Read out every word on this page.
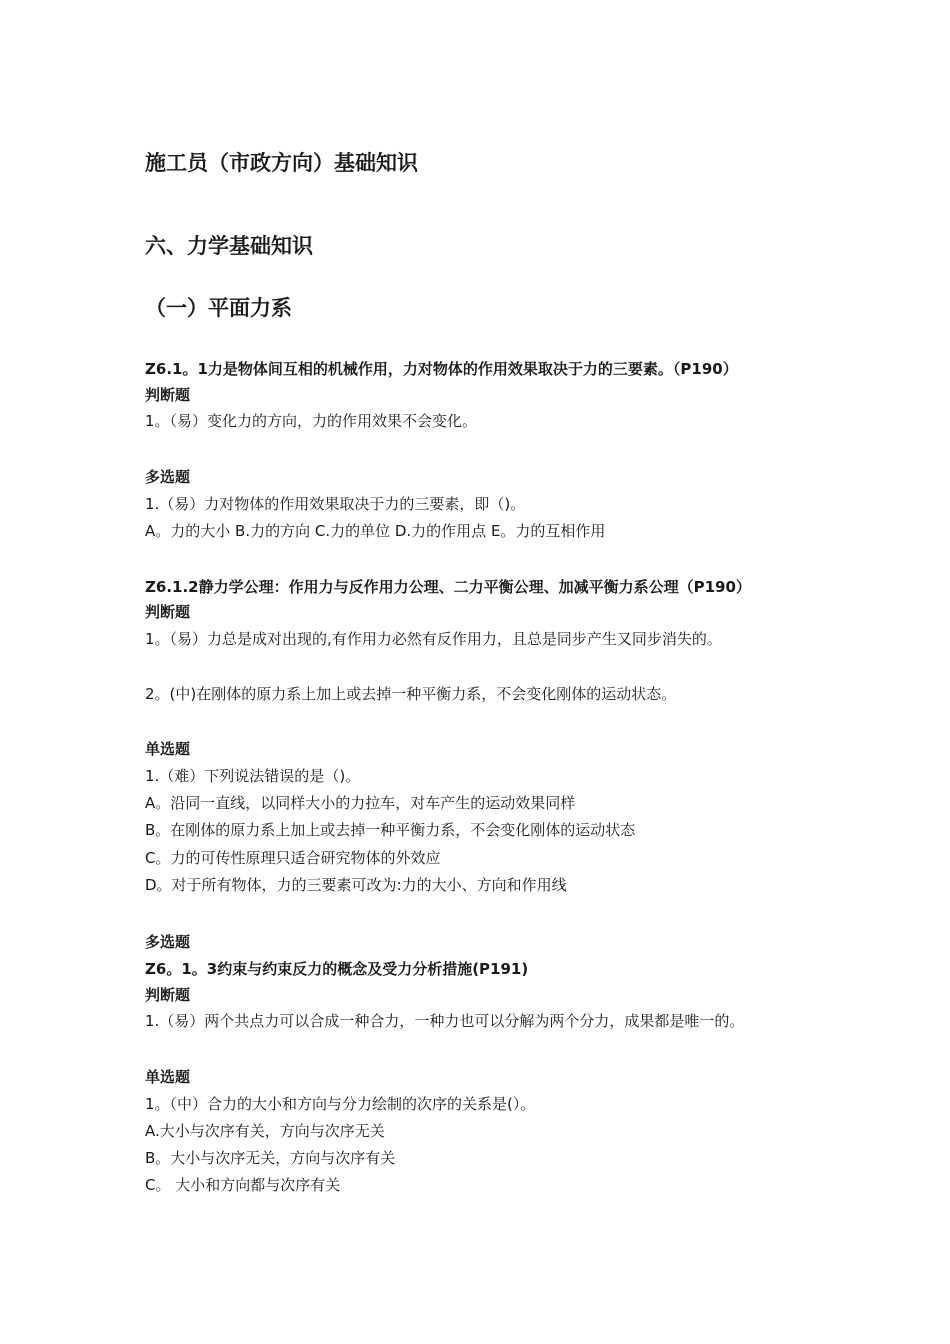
施工员（市政方向）基础知识
六、力学基础知识
（一）平面力系
Z6.1。1力是物体间互相的机械作用，力对物体的作用效果取决于力的三要素。（P190）
判断题
1。（易）变化力的方向，力的作用效果不会变化。
多选题
1.（易）力对物体的作用效果取决于力的三要素，即（)。
A。力的大小 B.力的方向 C.力的单位 D.力的作用点 E。力的互相作用
Z6.1.2静力学公理：作用力与反作用力公理、二力平衡公理、加减平衡力系公理（P190）
判断题
1。（易）力总是成对出现的,有作用力必然有反作用力，且总是同步产生又同步消失的。
2。(中)在刚体的原力系上加上或去掉一种平衡力系，不会变化刚体的运动状态。
单选题
1.（难）下列说法错误的是（)。
A。沿同一直线，以同样大小的力拉车，对车产生的运动效果同样
B。在刚体的原力系上加上或去掉一种平衡力系，不会变化刚体的运动状态
C。力的可传性原理只适合研究物体的外效应
D。对于所有物体，力的三要素可改为:力的大小、方向和作用线
多选题
Z6。1。3约束与约束反力的概念及受力分析措施(P191)
判断题
1.（易）两个共点力可以合成一种合力，一种力也可以分解为两个分力，成果都是唯一的。
单选题
1。（中）合力的大小和方向与分力绘制的次序的关系是(）。
A.大小与次序有关，方向与次序无关
B。大小与次序无关，方向与次序有关
C。 大小和方向都与次序有关
